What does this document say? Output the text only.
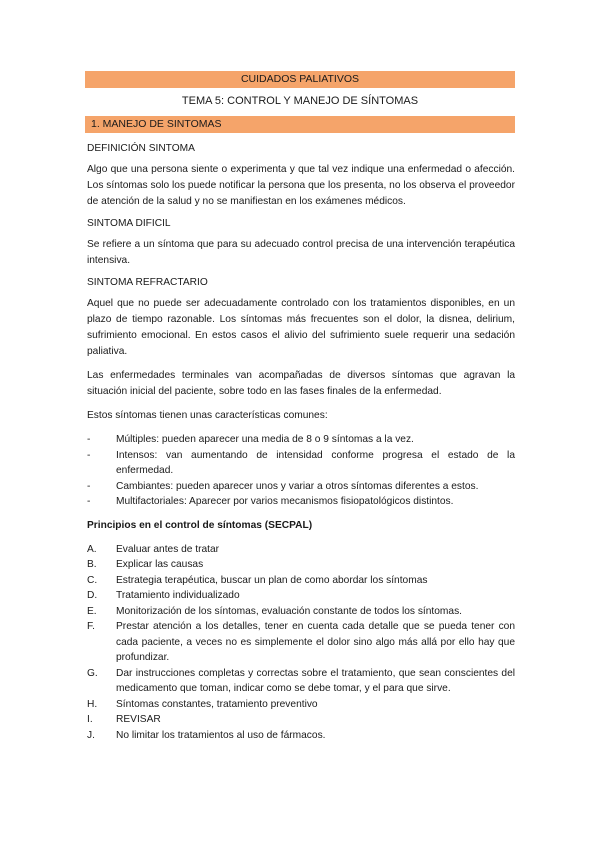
CUIDADOS PALIATIVOS
TEMA 5: CONTROL Y MANEJO DE SÍNTOMAS
1. MANEJO DE SINTOMAS
DEFINICIÓN SINTOMA
Algo que una persona siente o experimenta y que tal vez indique una enfermedad o afección. Los síntomas solo los puede notificar la persona que los presenta, no los observa el proveedor de atención de la salud y no se manifiestan en los exámenes médicos.
SINTOMA DIFICIL
Se refiere a un síntoma que para su adecuado control precisa de una intervención terapéutica intensiva.
SINTOMA REFRACTARIO
Aquel que no puede ser adecuadamente controlado con los tratamientos disponibles, en un plazo de tiempo razonable. Los síntomas más frecuentes son el dolor, la disnea, delirium, sufrimiento emocional. En estos casos el alivio del sufrimiento suele requerir una sedación paliativa.
Las enfermedades terminales van acompañadas de diversos síntomas que agravan la situación inicial del paciente, sobre todo en las fases finales de la enfermedad.
Estos síntomas tienen unas características comunes:
-	Múltiples: pueden aparecer una media de 8 o 9 síntomas a la vez.
-	Intensos: van aumentando de intensidad conforme progresa el estado de la enfermedad.
-	Cambiantes: pueden aparecer unos y variar a otros síntomas diferentes a estos.
-	Multifactoriales: Aparecer por varios mecanismos fisiopatológicos distintos.
Principios en el control de síntomas (SECPAL)
A. Evaluar antes de tratar
B. Explicar las causas
C. Estrategia terapéutica, buscar un plan de como abordar los síntomas
D. Tratamiento individualizado
E. Monitorización de los síntomas, evaluación constante de todos los síntomas.
F. Prestar atención a los detalles, tener en cuenta cada detalle que se pueda tener con cada paciente, a veces no es simplemente el dolor sino algo más allá por ello hay que profundizar.
G. Dar instrucciones completas y correctas sobre el tratamiento, que sean conscientes del medicamento que toman, indicar como se debe tomar, y el para que sirve.
H. Síntomas constantes, tratamiento preventivo
I. REVISAR
J. No limitar los tratamientos al uso de fármacos.
